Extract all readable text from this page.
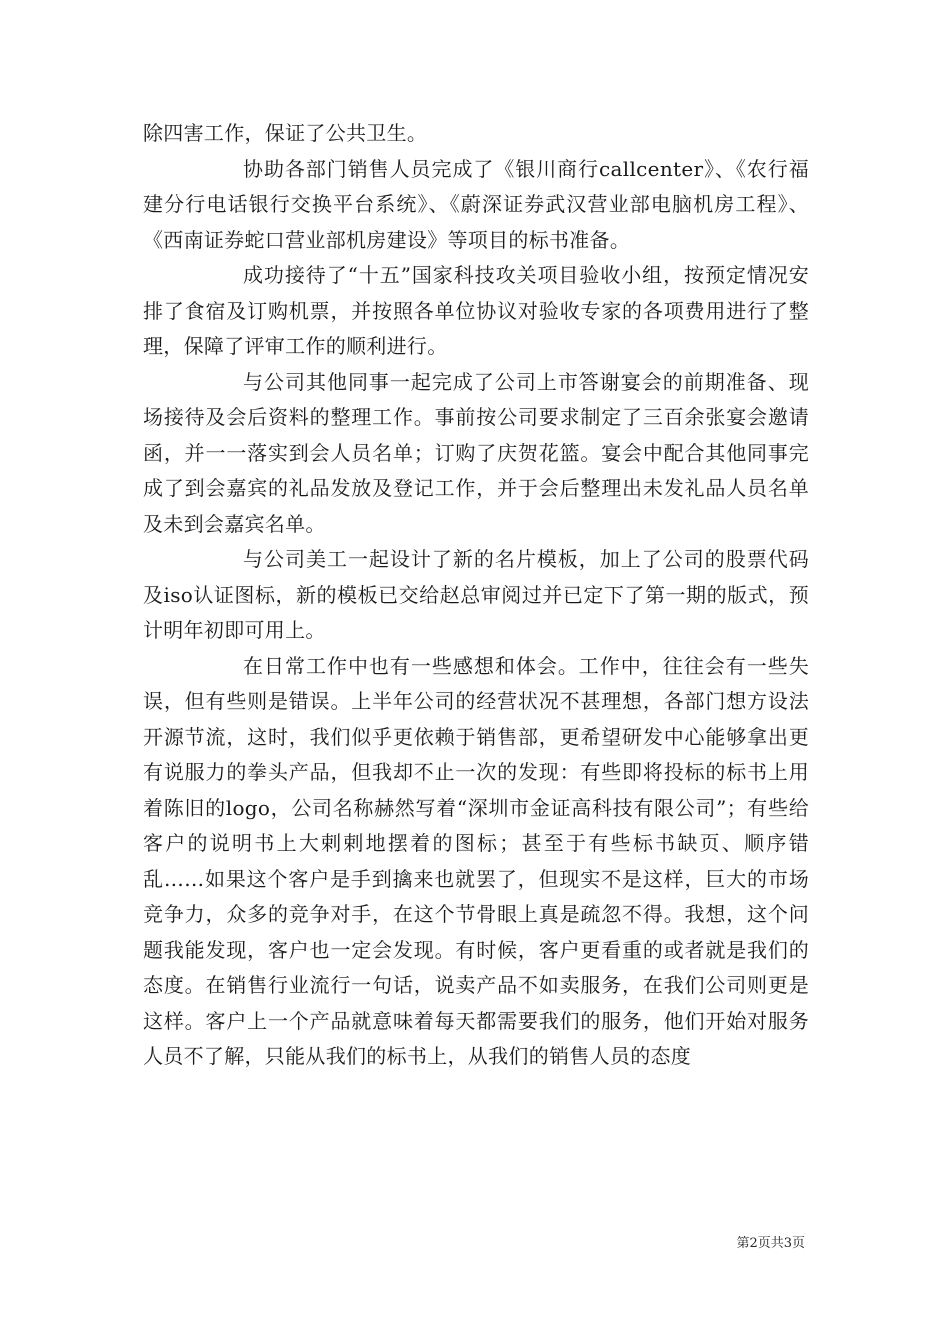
除四害工作，保证了公共卫生。

协助各部门销售人员完成了《银川商行callcenter》、《农行福建分行电话银行交换平台系统》、《蔚深证券武汉营业部电脑机房工程》、《西南证券蛇口营业部机房建设》等项目的标书准备。

成功接待了“十五”国家科技攻关项目验收小组，按预定情况安排了食宿及订购机票，并按照各单位协议对验收专家的各项费用进行了整理，保障了评审工作的顺利进行。

与公司其他同事一起完成了公司上市答谢宴会的前期准备、现场接待及会后资料的整理工作。事前按公司要求制定了三百余张宴会邀请函，并一一落实到会人员名单；订购了庆贺花篮。宴会中配合其他同事完成了到会嘉宾的礼品发放及登记工作，并于会后整理出未发礼品人员名单及未到会嘉宾名单。

与公司美工一起设计了新的名片模板，加上了公司的股票代码及iso认证图标，新的模板已交给赵总审阅过并已定下了第一期的版式，预计明年初即可用上。

在日常工作中也有一些感想和体会。工作中，往往会有一些失误，但有些则是错误。上半年公司的经营状况不甚理想，各部门想方设法开源节流，这时，我们似乎更依赖于销售部，更希望研发中心能够拿出更有说服力的拳头产品，但我却不止一次的发现：有些即将投标的标书上用着陈旧的logo，公司名称赫然写着“深圳市金证高科技有限公司”；有些给客户的说明书上大剌剌地摆着的图标；甚至于有些标书缺页、顺序错乱……如果这个客户是手到擒来也就罢了，但现实不是这样，巨大的市场竞争力，众多的竞争对手，在这个节骨眼上真是疏忽不得。我想，这个问题我能发现，客户也一定会发现。有时候，客户更看重的或者就是我们的态度。在销售行业流行一句话，说卖产品不如卖服务，在我们公司则更是这样。客户上一个产品就意味着每天都需要我们的服务，他们开始对服务人员不了解，只能从我们的标书上，从我们的销售人员的态度

第2页共3页
